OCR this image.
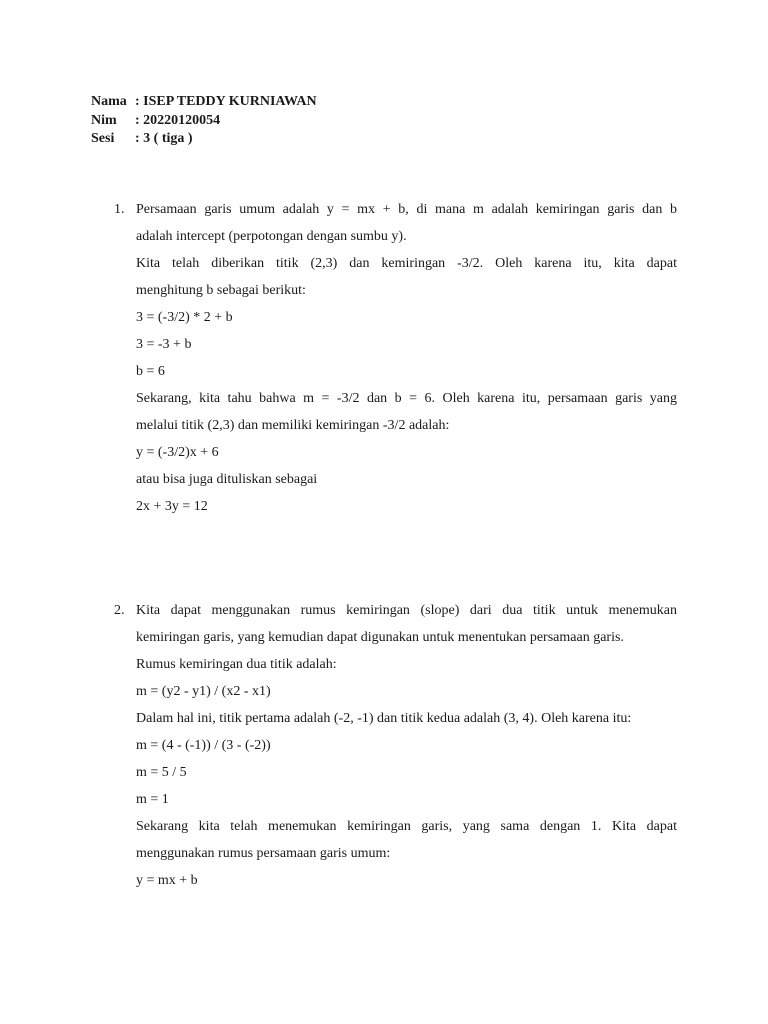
Nama : ISEP TEDDY KURNIAWAN
Nim	: 20220120054
Sesi	: 3 ( tiga )
1. Persamaan garis umum adalah y = mx + b, di mana m adalah kemiringan garis dan b
adalah intercept (perpotongan dengan sumbu y).
Kita telah diberikan titik (2,3) dan kemiringan -3/2. Oleh karena itu, kita dapat
menghitung b sebagai berikut:
3 = (-3/2) * 2 + b
3 = -3 + b
b = 6
Sekarang, kita tahu bahwa m = -3/2 dan b = 6. Oleh karena itu, persamaan garis yang
melalui titik (2,3) dan memiliki kemiringan -3/2 adalah:
y = (-3/2)x + 6
atau bisa juga dituliskan sebagai
2x + 3y = 12
2. Kita dapat menggunakan rumus kemiringan (slope) dari dua titik untuk menemukan
kemiringan garis, yang kemudian dapat digunakan untuk menentukan persamaan garis.
Rumus kemiringan dua titik adalah:
m = (y2 - y1) / (x2 - x1)
Dalam hal ini, titik pertama adalah (-2, -1) dan titik kedua adalah (3, 4). Oleh karena itu:
m = (4 - (-1)) / (3 - (-2))
m = 5 / 5
m = 1
Sekarang kita telah menemukan kemiringan garis, yang sama dengan 1. Kita dapat
menggunakan rumus persamaan garis umum:
y = mx + b
